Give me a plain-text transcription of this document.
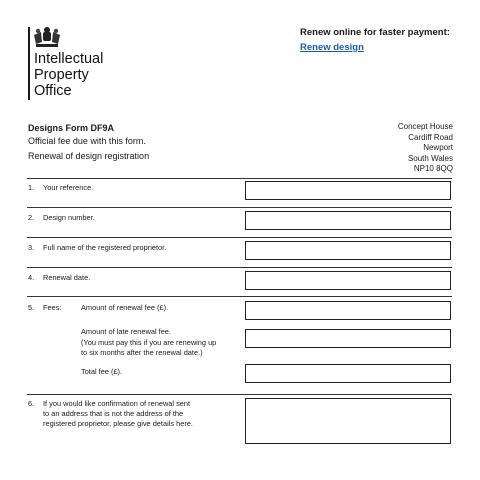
Intellectual
Property
Office
Renew online for faster payment:
Renew design
Designs Form DF9A
Official fee due with this form.
Renewal of design registration
Concept House
Cardiff Road
Newport
South Wales
NP10 8QQ
1. Your reference.
2. Design number.
3. Full name of the registered proprietor.
4. Renewal date.
5. Fees:	Amount of renewal fee (£).
Amount of late renewal fee.
(You must pay this if you are renewing up
to six months after the renewal date.)
Total fee (£).
6. If you would like confirmation of renewal sent
to an address that is not the address of the
registered proprietor, please give details here.
